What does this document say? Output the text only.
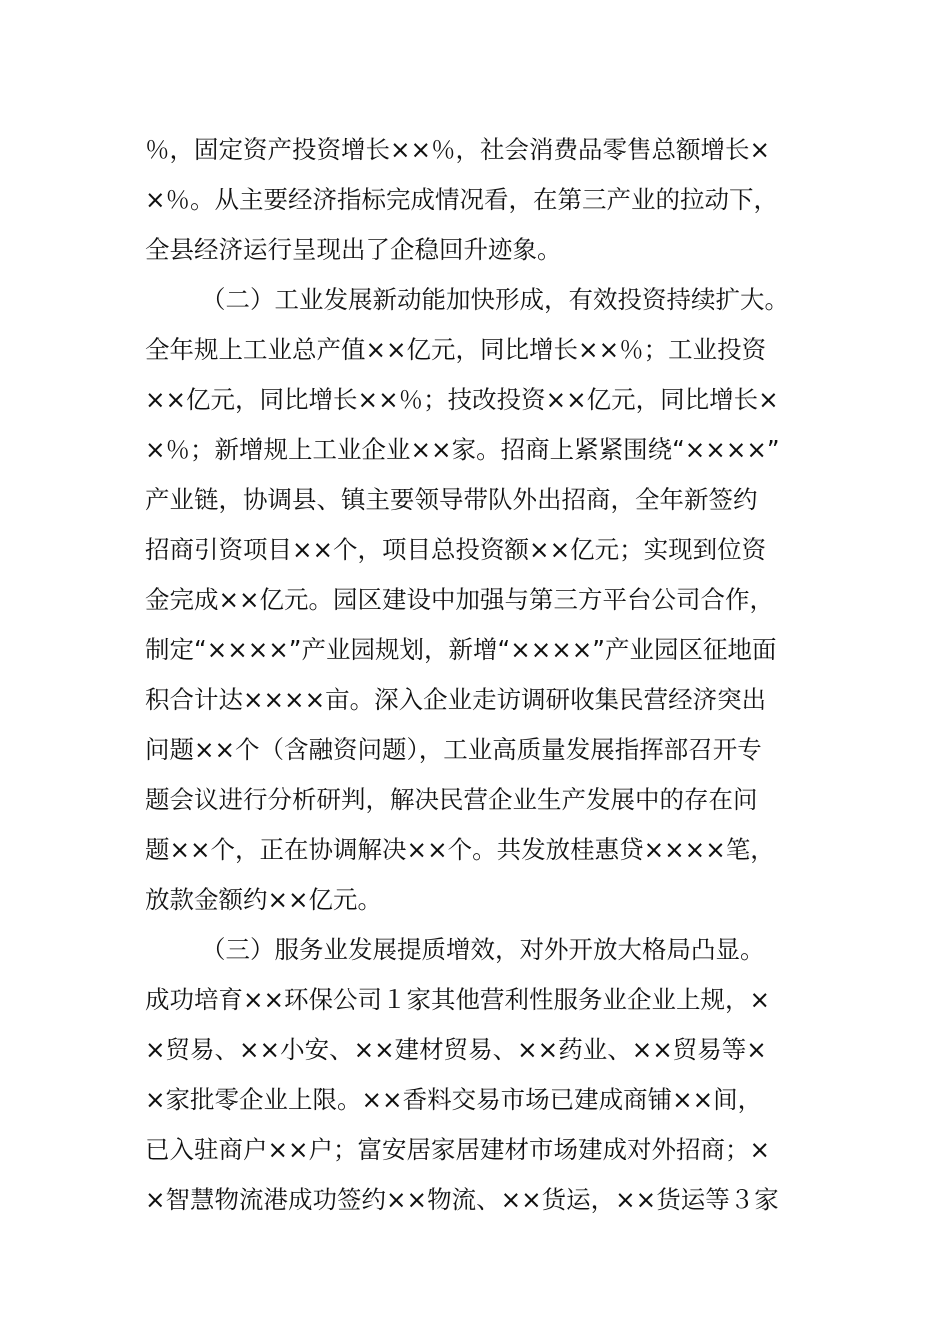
％，固定资产投资增长××％，社会消费品零售总额增长×
×％。从主要经济指标完成情况看，在第三产业的拉动下，
全县经济运行呈现出了企稳回升迹象。
（二）工业发展新动能加快形成，有效投资持续扩大。
全年规上工业总产值××亿元，同比增长××％；工业投资
××亿元，同比增长××％；技改投资××亿元，同比增长×
×％；新增规上工业企业××家。招商上紧紧围绕“××××”
产业链，协调县、镇主要领导带队外出招商，全年新签约
招商引资项目××个，项目总投资额××亿元；实现到位资
金完成××亿元。园区建设中加强与第三方平台公司合作，
制定“××××”产业园规划，新增“××××”产业园区征地面
积合计达××××亩。深入企业走访调研收集民营经济突出
问题××个（含融资问题），工业高质量发展指挥部召开专
题会议进行分析研判，解决民营企业生产发展中的存在问
题××个，正在协调解决××个。共发放桂惠贷××××笔，
放款金额约××亿元。
（三）服务业发展提质增效，对外开放大格局凸显。
成功培育××环保公司１家其他营利性服务业企业上规，×
×贸易、××小安、××建材贸易、××药业、××贸易等×
×家批零企业上限。××香料交易市场已建成商铺××间，
已入驻商户××户；富安居家居建材市场建成对外招商；×
×智慧物流港成功签约××物流、××货运，××货运等３家
